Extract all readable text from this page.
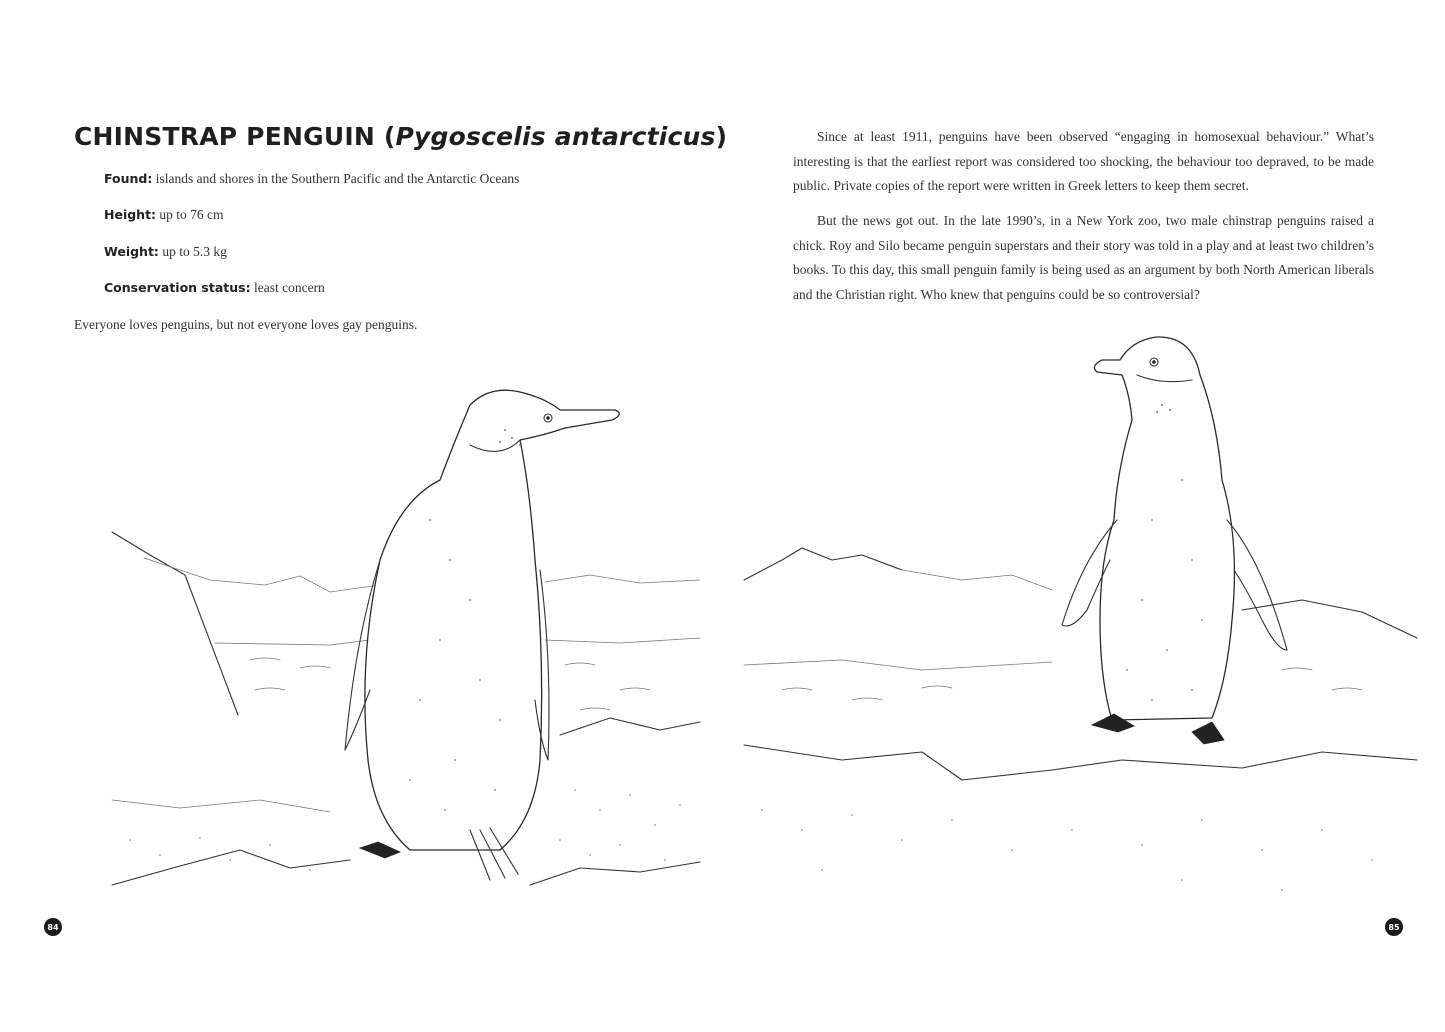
CHINSTRAP PENGUIN (Pygoscelis antarcticus)

Found: islands and shores in the Southern Pacific and the Antarctic Oceans

Height: up to 76 cm

Weight: up to 5.3 kg

Conservation status: least concern

Everyone loves penguins, but not everyone loves gay penguins.

84

Since at least 1911, penguins have been observed “engaging in homosexual behaviour.” What’s interesting is that the earliest report was considered too shocking, the behaviour too depraved, to be made public. Private copies of the report were written in Greek letters to keep them secret.

But the news got out. In the late 1990’s, in a New York zoo, two male chinstrap penguins raised a chick. Roy and Silo became penguin superstars and their story was told in a play and at least two children’s books. To this day, this small penguin family is being used as an argument by both North American liberals and the Christian right. Who knew that penguins could be so controversial?

85
